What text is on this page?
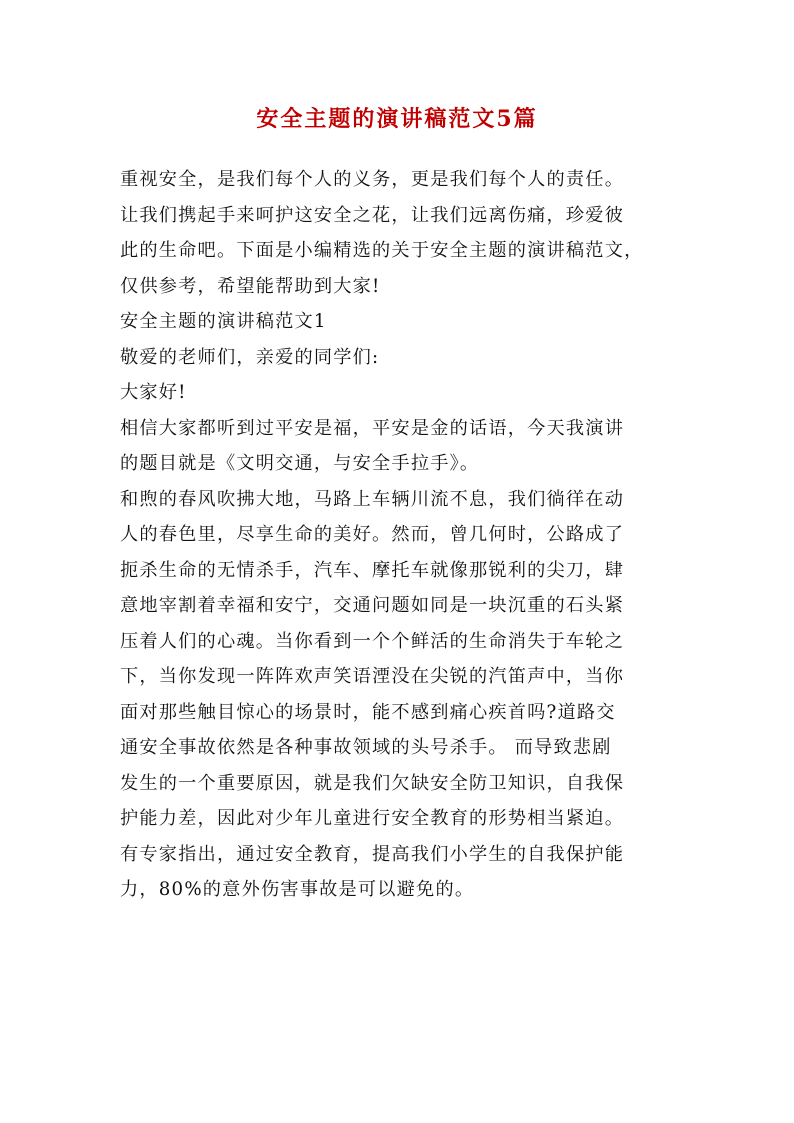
安全主题的演讲稿范文5篇
重视安全，是我们每个人的义务，更是我们每个人的责任。
让我们携起手来呵护这安全之花，让我们远离伤痛，珍爱彼
此的生命吧。下面是小编精选的关于安全主题的演讲稿范文，
仅供参考，希望能帮助到大家!
安全主题的演讲稿范文1
敬爱的老师们，亲爱的同学们:
大家好!
相信大家都听到过平安是福，平安是金的话语，今天我演讲
的题目就是《文明交通，与安全手拉手》。
和煦的春风吹拂大地，马路上车辆川流不息，我们徜徉在动
人的春色里，尽享生命的美好。然而，曾几何时，公路成了
扼杀生命的无情杀手，汽车、摩托车就像那锐利的尖刀，肆
意地宰割着幸福和安宁，交通问题如同是一块沉重的石头紧
压着人们的心魂。当你看到一个个鲜活的生命消失于车轮之
下，当你发现一阵阵欢声笑语湮没在尖锐的汽笛声中，当你
面对那些触目惊心的场景时，能不感到痛心疾首吗?道路交
通安全事故依然是各种事故领域的头号杀手。 而导致悲剧
发生的一个重要原因，就是我们欠缺安全防卫知识，自我保
护能力差，因此对少年儿童进行安全教育的形势相当紧迫。
有专家指出，通过安全教育，提高我们小学生的自我保护能
力，80%的意外伤害事故是可以避免的。
